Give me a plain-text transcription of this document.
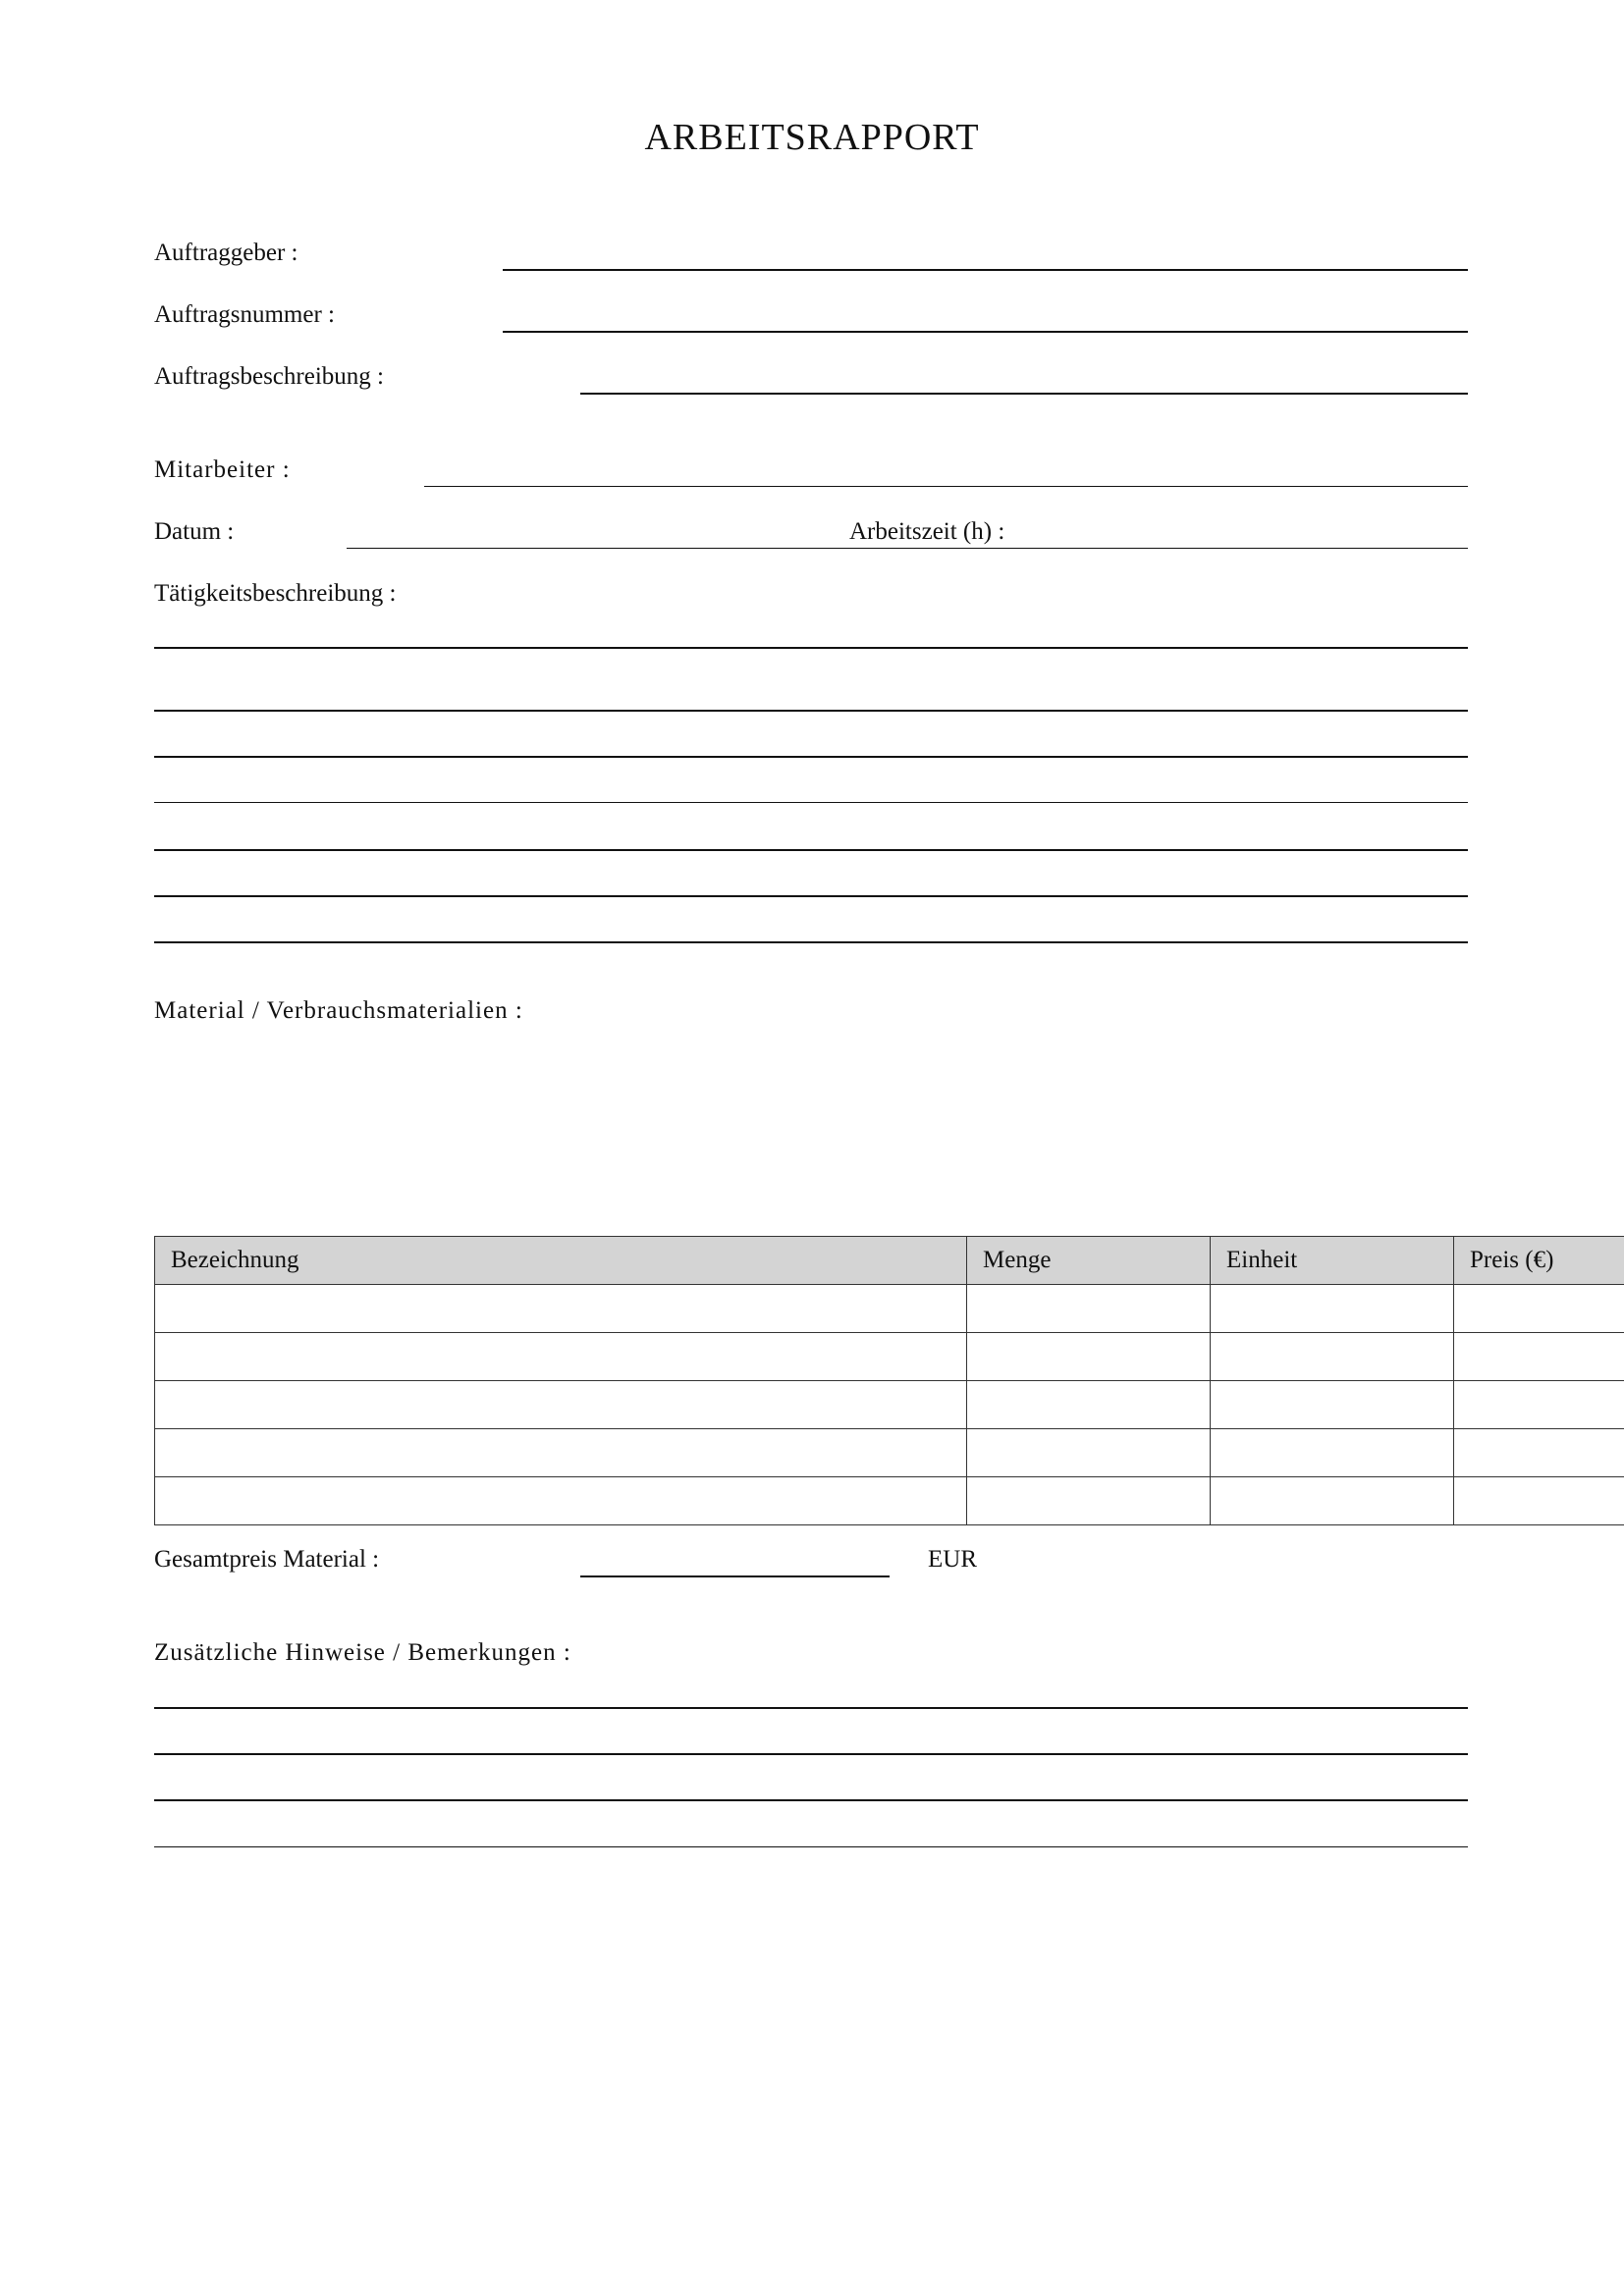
ARBEITSRAPPORT
Auftraggeber :
Auftragsnummer :
Auftragsbeschreibung :
Mitarbeiter :
Datum :	Arbeitszeit (h) :
Tätigkeitsbeschreibung :
Material / Verbrauchsmaterialien :
Bezeichnung	Menge	Einheit	Preis (€)

Gesamtpreis Material :	EUR
Zusätzliche Hinweise / Bemerkungen :
